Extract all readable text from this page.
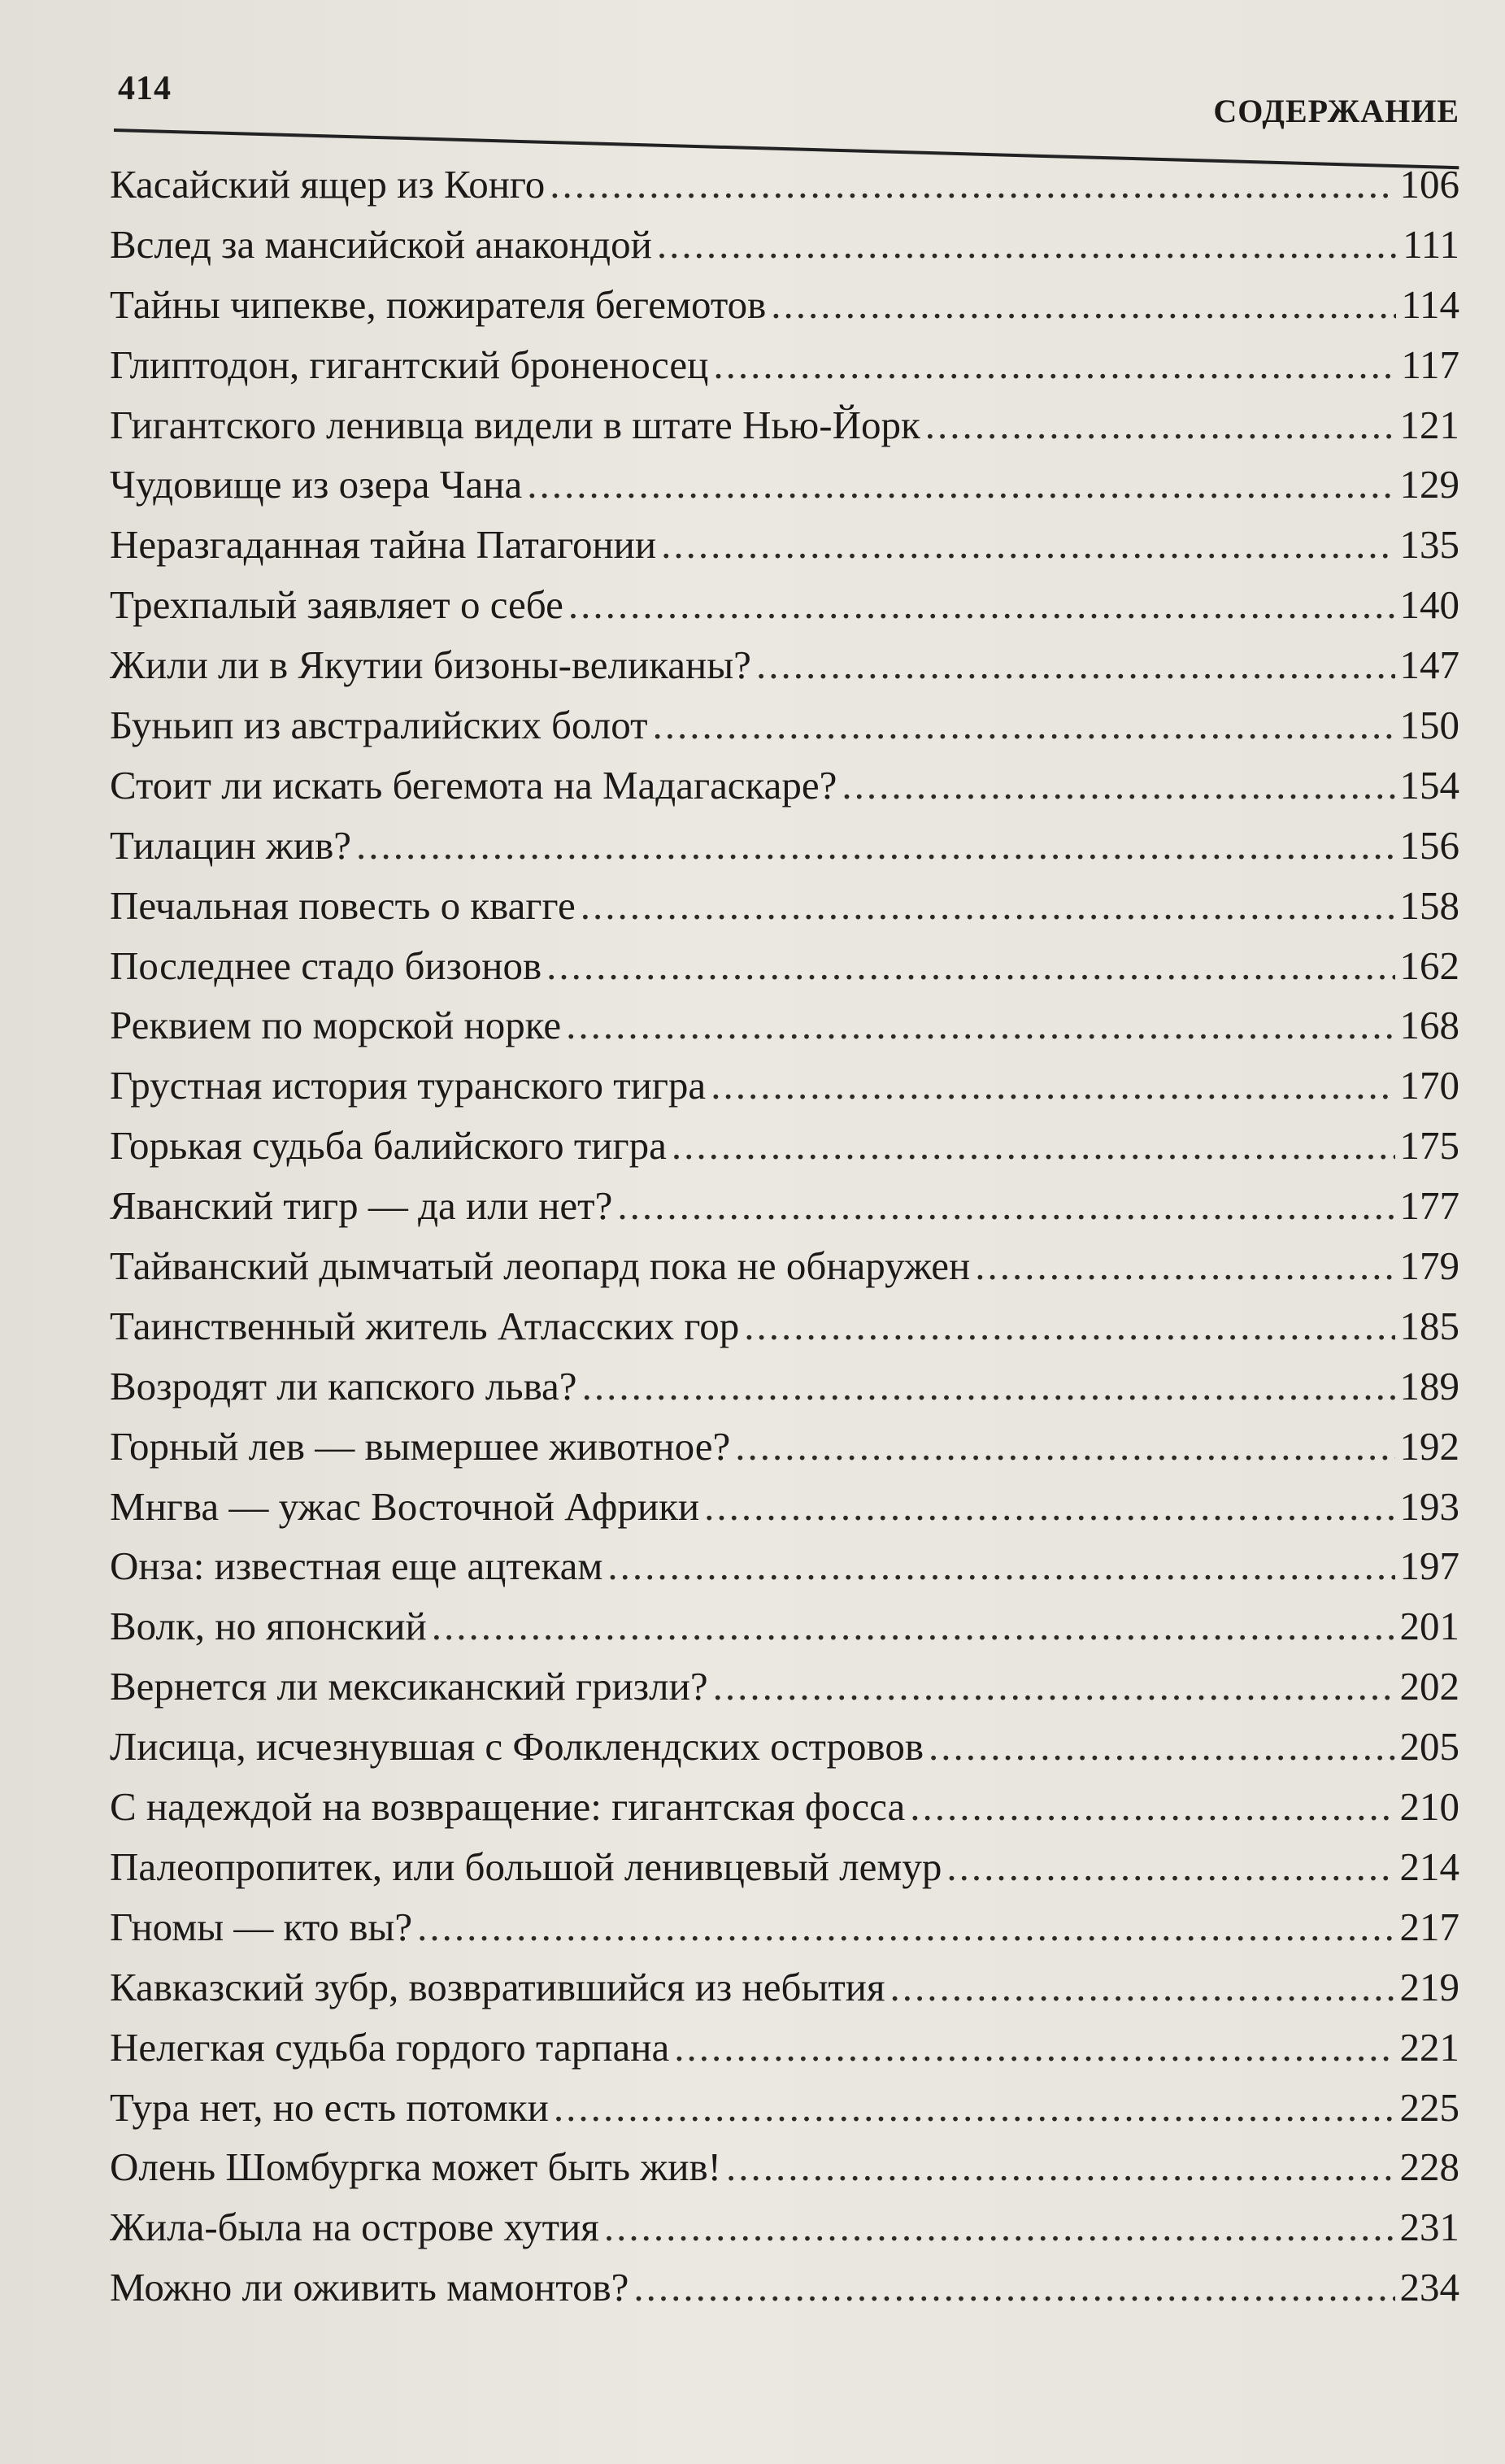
414
СОДЕРЖАНИЕ
Касайский ящер из Конго .....	106
Вслед за мансийской анакондой .....	111
Тайны чипекве, пожирателя бегемотов .....	114
Глиптодон, гигантский броненосец .....	117
Гигантского ленивца видели в штате Нью-Йорк .....	121
Чудовище из озера Чана .....	129
Неразгаданная тайна Патагонии .....	135
Трехпалый заявляет о себе .....	140
Жили ли в Якутии бизоны-великаны? .....	147
Буньип из австралийских болот .....	150
Стоит ли искать бегемота на Мадагаскаре? .....	154
Тилацин жив? .....	156
Печальная повесть о квагге .....	158
Последнее стадо бизонов .....	162
Реквием по морской норке .....	168
Грустная история туранского тигра .....	170
Горькая судьба балийского тигра .....	175
Яванский тигр — да или нет? .....	177
Тайванский дымчатый леопард пока не обнаружен .....	179
Таинственный житель Атласских гор .....	185
Возродят ли капского льва? .....	189
Горный лев — вымершее животное? .....	192
Мнгва — ужас Восточной Африки .....	193
Онза: известная еще ацтекам .....	197
Волк, но японский .....	201
Вернется ли мексиканский гризли? .....	202
Лисица, исчезнувшая с Фолклендских островов .....	205
С надеждой на возвращение: гигантская фосса .....	210
Палеопропитек, или большой ленивцевый лемур .....	214
Гномы — кто вы? .....	217
Кавказский зубр, возвратившийся из небытия .....	219
Нелегкая судьба гордого тарпана .....	221
Тура нет, но есть потомки .....	225
Олень Шомбургка может быть жив! .....	228
Жила-была на острове хутия .....	231
Можно ли оживить мамонтов? .....	234
